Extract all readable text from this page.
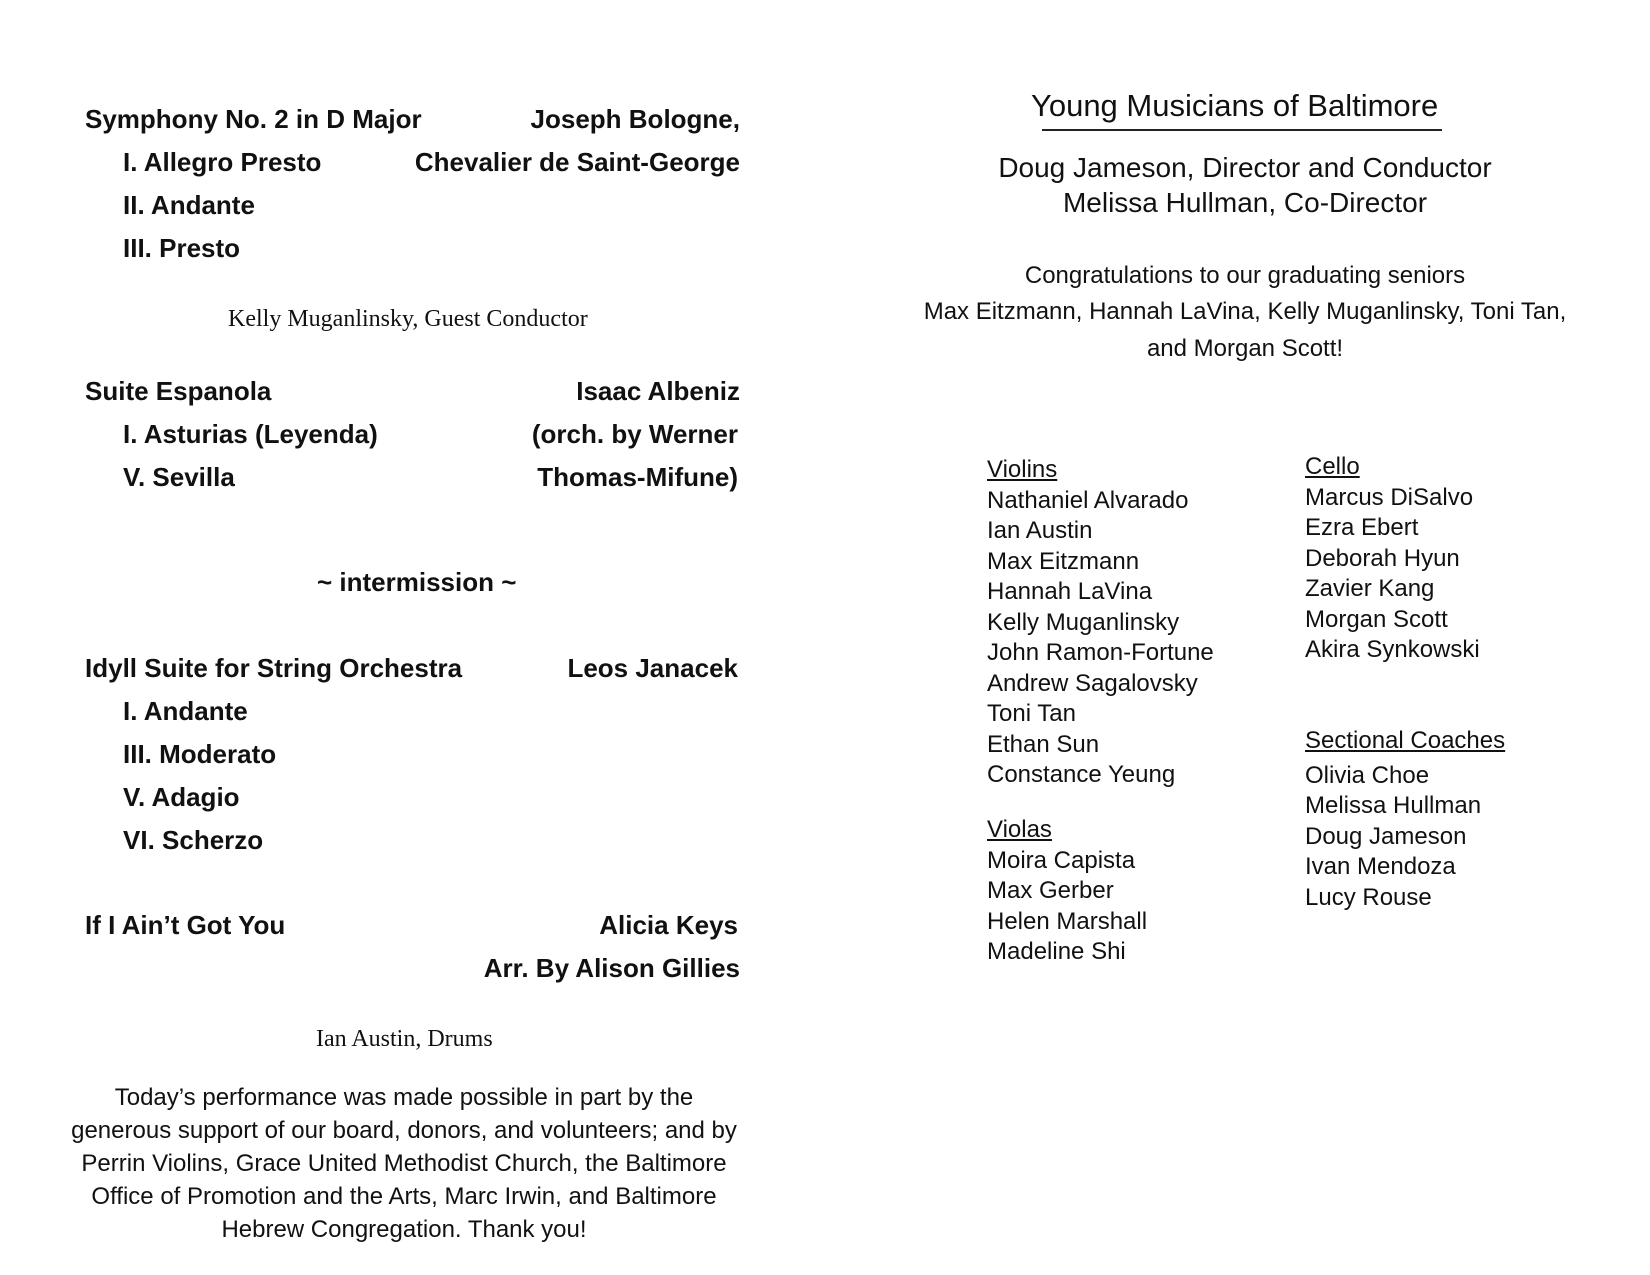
Symphony No. 2 in D Major	Joseph Bologne,
Chevalier de Saint-George
I. Allegro Presto
II. Andante
III. Presto
Kelly Muganlinsky, Guest Conductor
Suite Espanola	Isaac Albeniz
I. Asturias (Leyenda)	(orch. by Werner
V. Sevilla	Thomas-Mifune)
~ intermission ~
Idyll Suite for String Orchestra	Leos Janacek
I. Andante
III. Moderato
V. Adagio
VI. Scherzo
If I Ain’t Got You	Alicia Keys
Arr. By Alison Gillies
Ian Austin, Drums
Today’s performance was made possible in part by the generous support of our board, donors, and volunteers; and by Perrin Violins, Grace United Methodist Church, the Baltimore Office of Promotion and the Arts, Marc Irwin, and Baltimore Hebrew Congregation. Thank you!
Young Musicians of Baltimore
Doug Jameson, Director and Conductor
Melissa Hullman, Co-Director
Congratulations to our graduating seniors
Max Eitzmann, Hannah LaVina, Kelly Muganlinsky, Toni Tan,
and Morgan Scott!
Violins
Nathaniel Alvarado
Ian Austin
Max Eitzmann
Hannah LaVina
Kelly Muganlinsky
John Ramon-Fortune
Andrew Sagalovsky
Toni Tan
Ethan Sun
Constance Yeung
Violas
Moira Capista
Max Gerber
Helen Marshall
Madeline Shi
Cello
Marcus DiSalvo
Ezra Ebert
Deborah Hyun
Zavier Kang
Morgan Scott
Akira Synkowski
Sectional Coaches
Olivia Choe
Melissa Hullman
Doug Jameson
Ivan Mendoza
Lucy Rouse
